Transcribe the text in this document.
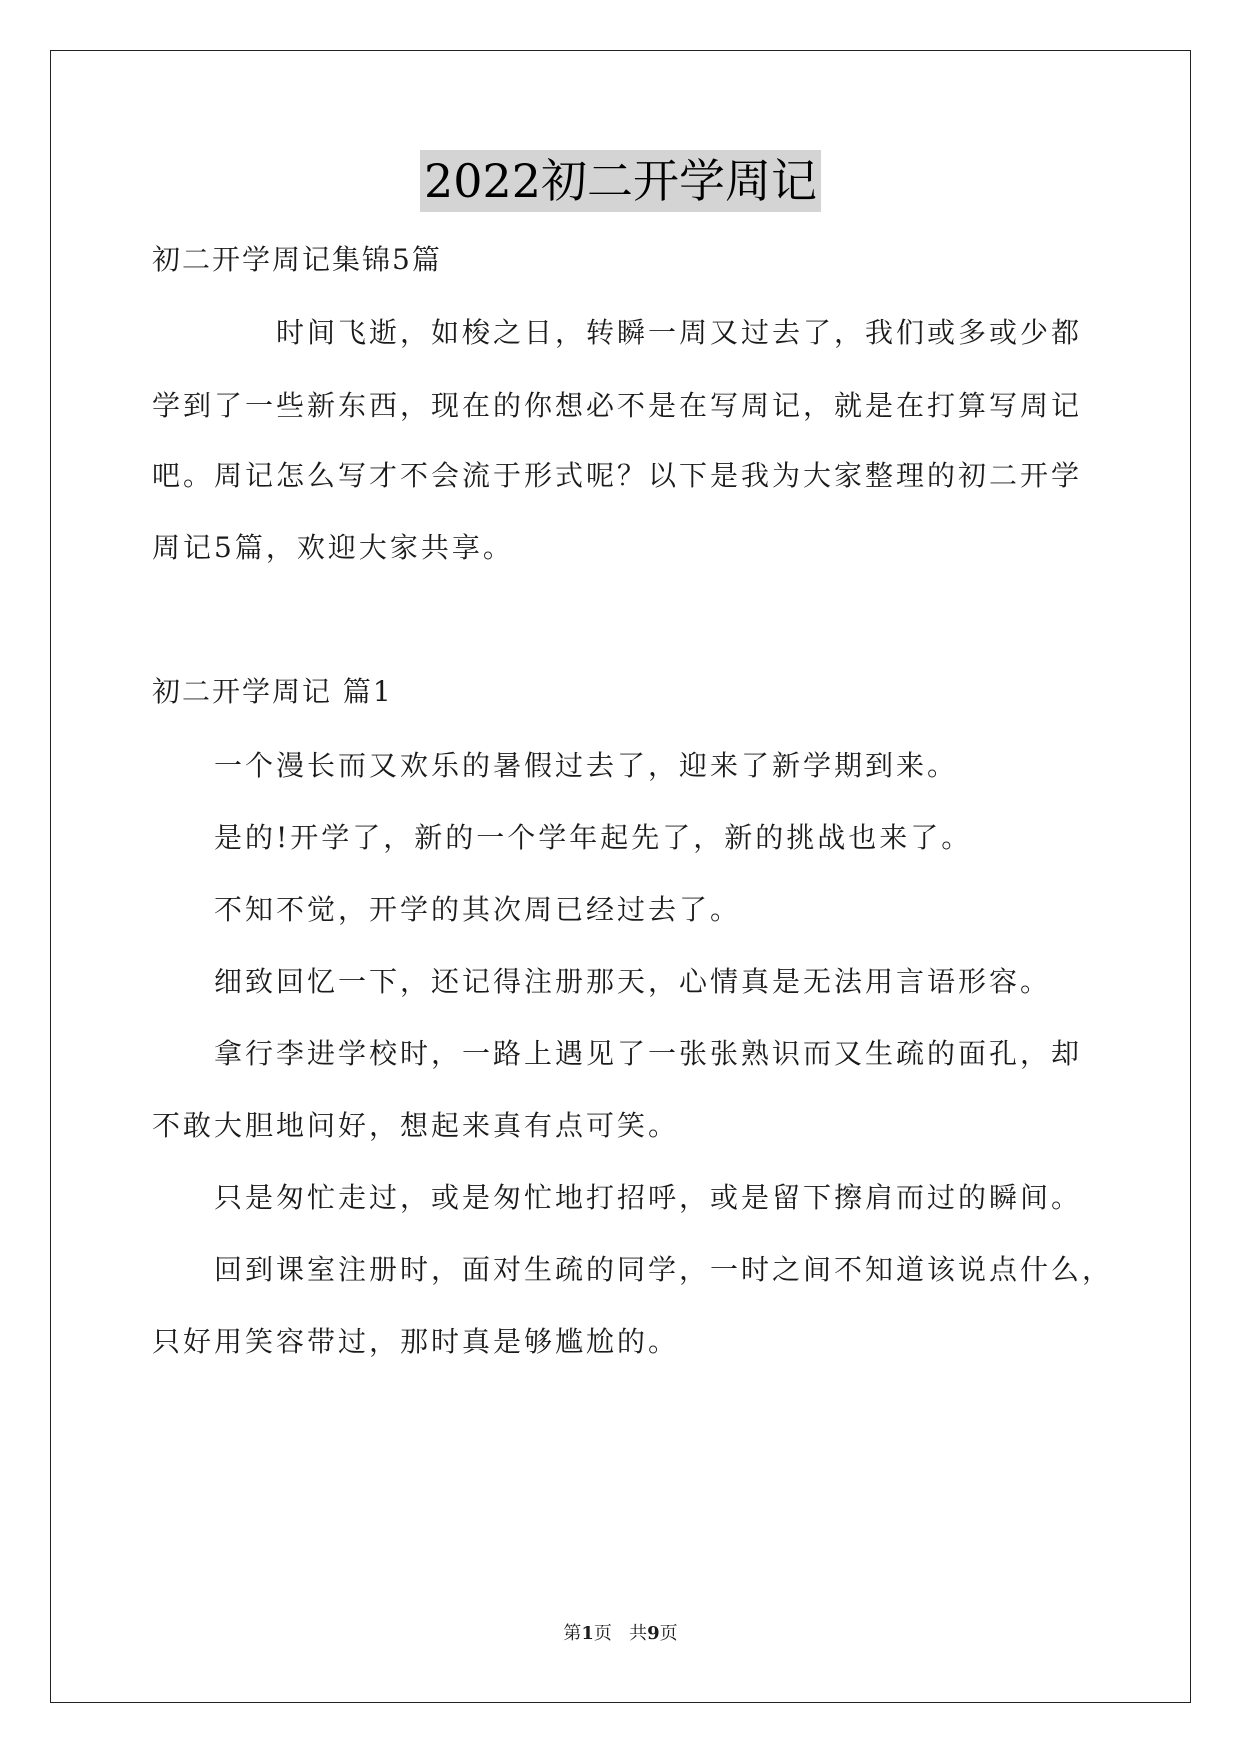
2022初二开学周记
初二开学周记集锦5篇
时间飞逝，如梭之日，转瞬一周又过去了，我们或多或少都
学到了一些新东西，现在的你想必不是在写周记，就是在打算写周记
吧。周记怎么写才不会流于形式呢？以下是我为大家整理的初二开学
周记5篇，欢迎大家共享。
初二开学周记 篇1
一个漫长而又欢乐的暑假过去了，迎来了新学期到来。
是的!开学了，新的一个学年起先了，新的挑战也来了。
不知不觉，开学的其次周已经过去了。
细致回忆一下，还记得注册那天，心情真是无法用言语形容。
拿行李进学校时，一路上遇见了一张张熟识而又生疏的面孔，却
不敢大胆地问好，想起来真有点可笑。
只是匆忙走过，或是匆忙地打招呼，或是留下擦肩而过的瞬间。
回到课室注册时，面对生疏的同学，一时之间不知道该说点什么，
只好用笑容带过，那时真是够尴尬的。
第1页   共9页
